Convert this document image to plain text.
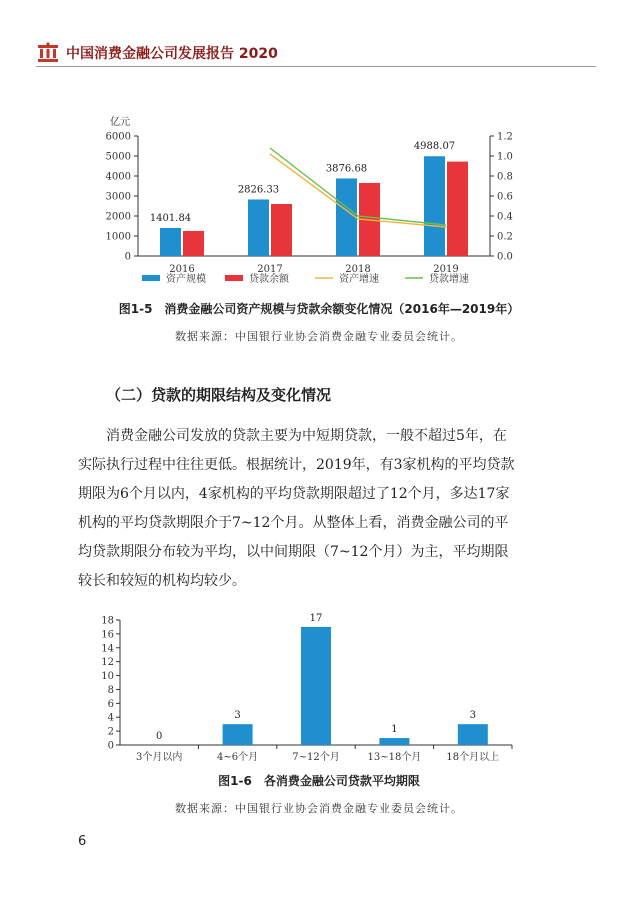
中国消费金融公司发展报告 2020
亿元
0
1000
2000
3000
4000
5000
6000
0.0
0.2
0.4
0.6
0.8
1.0
1.2
2016	2017	2018	2019
1401.84
2826.33
3876.68
4988.07
资产规模	贷款余额	资产增速	贷款增速
图1-5　消费金融公司资产规模与贷款余额变化情况（2016年—2019年）
数据来源：中国银行业协会消费金融专业委员会统计。
（二）贷款的期限结构及变化情况
消费金融公司发放的贷款主要为中短期贷款，一般不超过5年，在
实际执行过程中往往更低。根据统计，2019年，有3家机构的平均贷款
期限为6个月以内，4家机构的平均贷款期限超过了12个月，多达17家
机构的平均贷款期限介于7~12个月。从整体上看，消费金融公司的平
均贷款期限分布较为平均，以中间期限（7~12个月）为主，平均期限
较长和较短的机构均较少。
0
2
4
6
8
10
12
14
16
18
3个月以内	4~6个月	7~12个月	13~18个月	18个月以上
0
3
17
1
3
图1-6　各消费金融公司贷款平均期限
数据来源：中国银行业协会消费金融专业委员会统计。
6
